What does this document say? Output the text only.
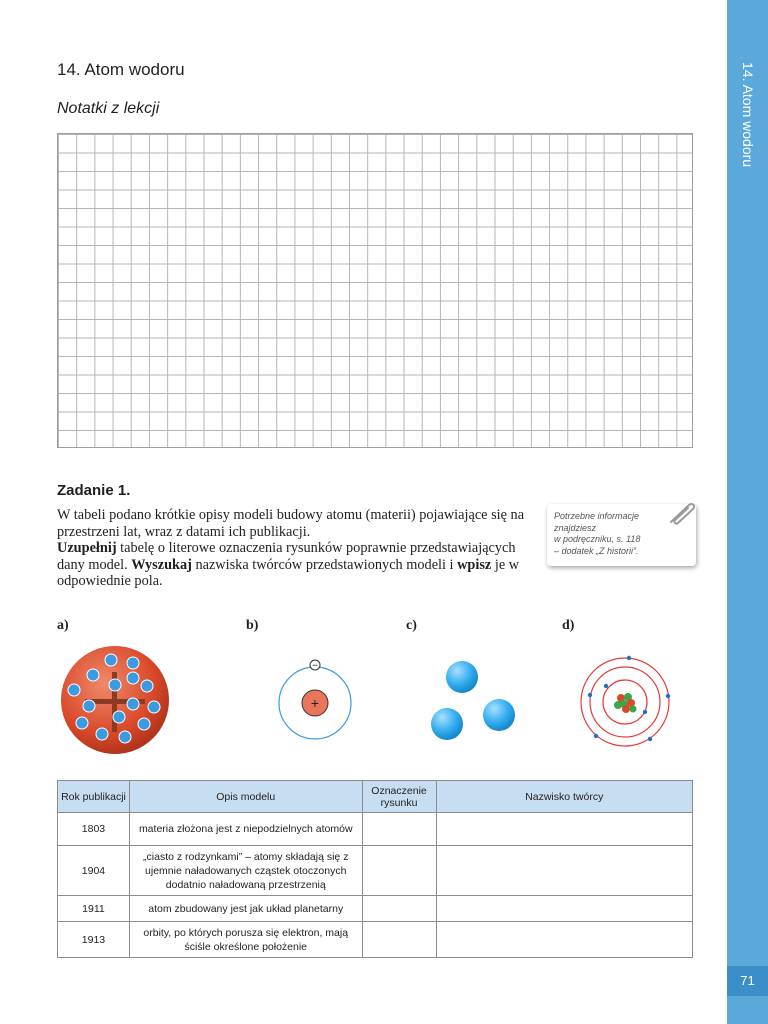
14. Atom wodoru
71
14. Atom wodoru
Notatki z lekcji
Zadanie 1.
W tabeli podano krótkie opisy modeli budowy atomu (materii) pojawiające się na przestrzeni lat, wraz z datami ich publikacji.
Uzupełnij tabelę o literowe oznaczenia rysunków poprawnie przedstawiających dany model. Wyszukaj nazwiska twórców przedstawionych modeli i wpisz je w odpowiednie pola.
Potrzebne informacje
znajdziesz
w podręczniku, s. 118
– dodatek „Z historii”.
a)	b)	c)	d)
+
−
Rok publikacji	Opis modelu	Oznaczenie rysunku	Nazwisko twórcy
1803	materia złożona jest z niepodzielnych atomów		
1904	„ciasto z rodzynkami” – atomy składają się z ujemnie naładowanych cząstek otoczonych dodatnio naładowaną przestrzenią		
1911	atom zbudowany jest jak układ planetarny		
1913	orbity, po których porusza się elektron, mają ściśle określone położenie		
